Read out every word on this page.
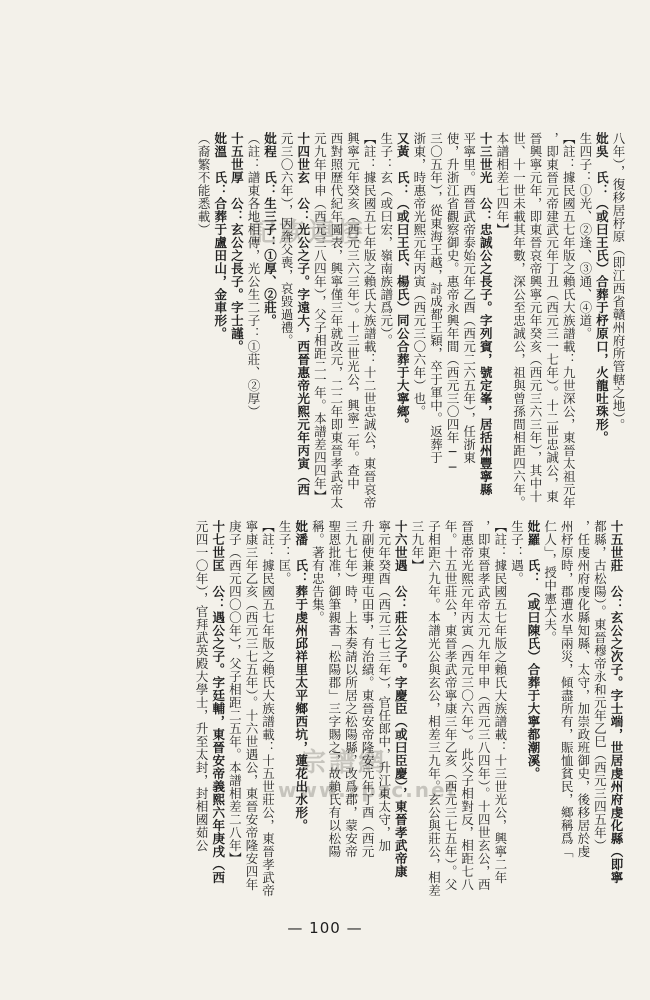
記族連接
宗譜網
www.zpzc.net
八年），復移居杼原（即江西省贛州府所管轄之地）。
妣吳　氏：（或曰王氏）合葬于杼原口，火龍吐珠形。
生四子：①光、②逢、③通、④道。
【註：據民國五七年版之賴氏大族譜載：九世深公，東晉太祖元年
，即東晉元帝建武元年丁丑（西元三一七年）。十二世忠誠公，東
晉興寧元年，即東晉哀帝興寧元年癸亥（西元三六三年），其中十
世、十一世未載其年數，深公至忠誠公，祖與曾孫間相距四六年。
本譜相差七四年】
十三世光　公：忠誠公之長子。字列賓，號定峯，居括州豐寧縣
平寧里。西晉武帝泰始元年乙酉（西元二六五年），任浙東
使，升浙江省觀察御史。惠帝永興年間（西元三〇四年──
三〇五年），從東海王越，討成都王穎，卒于軍中。返葬于
浙東，時惠帝光熙元年丙寅（西元三〇六年）也。
又黃　氏：（或曰王氏、楊氏）同公合葬于大寧鄉。
生子：玄（或曰宏，嶺南族譜爲元）。
【註：據民國五七年版之賴氏大族譜載：十二世忠誠公，東晉哀帝
興寧元年癸亥（西元三六三年）。十三世光公，興寧二年。查中
西對照歷代紀年圖表，興寧僅三年就改元，二二年即東晉孝武帝太
元九年甲申（西元三八四年），父子相距二一年。本譜差四四年】
十四世玄　公：光公之子。字遠大，西晉惠帝光熙元年丙寅（西
元三〇六年），因奔父喪，哀毀過禮。
妣程　氏：生三子：①厚、②莊。
（註：譜東各地相傳，光公生二子：①莊、②厚）
十五世厚　公：玄公之長子。字士謹。
妣溫　氏：合葬于盧田山，金車形。
（裔繁不能悉載）
十五世莊　公：玄公之次子。字士端，世居虔州府虔化縣（即寧
都縣，古松陽）。東晉穆帝永和元年乙巳（西元三四五年）
，任虔州府虔化縣知縣、太守，加崇政班御史，後移居於虔
州杼原時，郡遭水旱兩災，傾盡所有，賑恤貧民，鄉稱爲「
仁人」，授中憲大夫。
妣羅　氏：（或曰陳氏）合葬于大寧都潮溪。
生子：遇。
【註：據民國五七年版之賴氏大族譜載：十三世光公，興寧二年
，即東晉孝武帝太元九年甲申（西元三八四年）。十四世玄公，西
晉惠帝光熙元年丙寅（西元三〇六年）。此父子相對反，相距七八
年。十五世莊公，東晉孝武帝寧康三年乙亥（西元三七五年）。父
子相距六九年。本譜光公與玄公，相差三九年。玄公與莊公，相差
三九年】
十六世遇　公：莊公之子。字慶臣（或曰臣慶），東晉孝武帝康
寧元年癸酉（西元三七三年），官任郎中，升江東太守，加
升副使兼理屯田事，有治績。東晉安帝隆安元年丁酉（西元
三九七年）時，上本奏請以所居之松陽縣，改爲郡，蒙安帝
聖恩批准，御筆親書「松陽郡」三字賜之，故賴氏有以松陽
稱。著有忠告集。
妣潘　氏：葬于虔州邱祥里太平鄉西坑，蓮花出水形。
生子：匡。
【註：據民國五七年版之賴氏大族譜載：十五世莊公，東晉孝武帝
寧康三年乙亥（西元三七五年）。十六世遇公，東晉安帝隆安四年
庚子（西元四〇〇年），父子相距二五年。本譜相差二八年】
十七世匡　公：遇公之子。字廷輔，東晉安帝義熙六年庚戌（西
元四一〇年），官拜武英殿大學士，升至太封，封相國茹公
— 100 —
